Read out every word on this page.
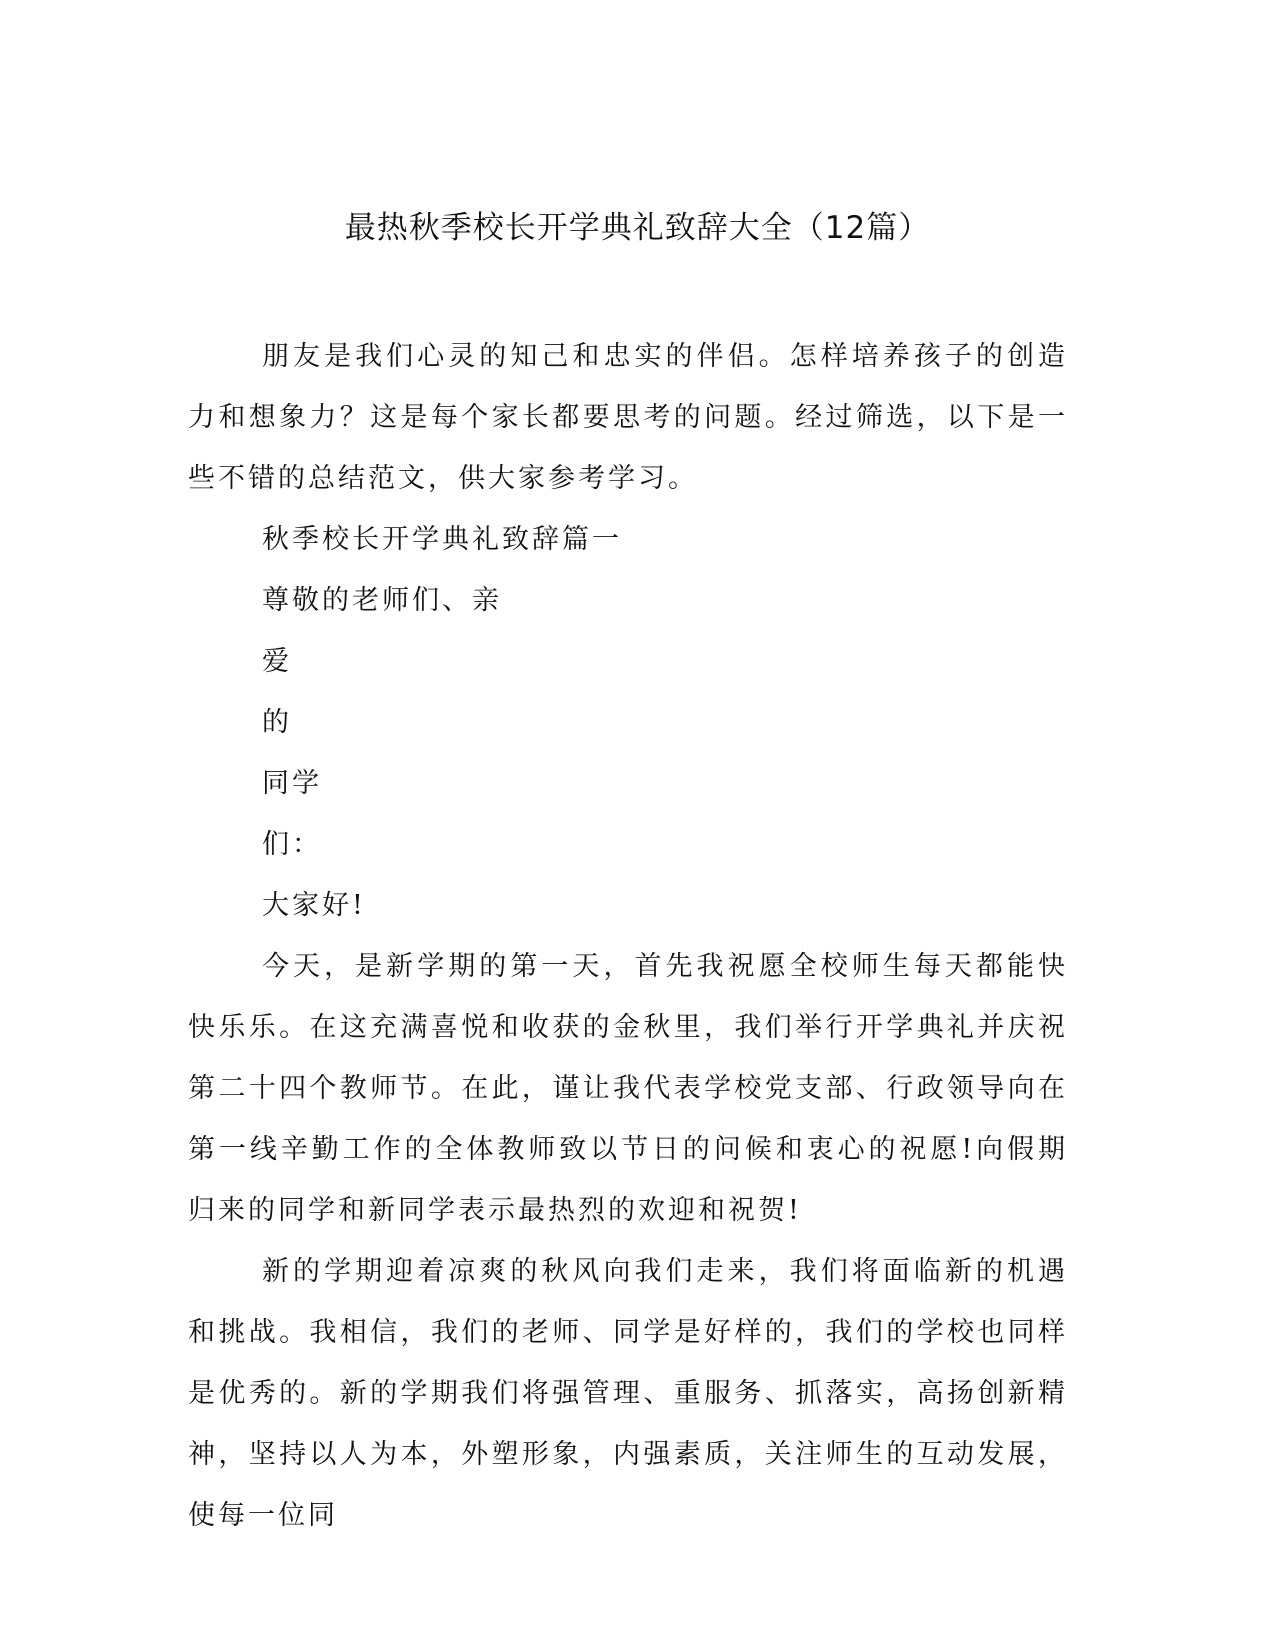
最热秋季校长开学典礼致辞大全（12篇）

朋友是我们心灵的知己和忠实的伴侣。怎样培养孩子的创造力和想象力？这是每个家长都要思考的问题。经过筛选，以下是一些不错的总结范文，供大家参考学习。

秋季校长开学典礼致辞篇一

尊敬的老师们、亲

爱

的

同学

们：

大家好!

今天，是新学期的第一天，首先我祝愿全校师生每天都能快快乐乐。在这充满喜悦和收获的金秋里，我们举行开学典礼并庆祝第二十四个教师节。在此，谨让我代表学校党支部、行政领导向在第一线辛勤工作的全体教师致以节日的问候和衷心的祝愿!向假期归来的同学和新同学表示最热烈的欢迎和祝贺!

新的学期迎着凉爽的秋风向我们走来，我们将面临新的机遇和挑战。我相信，我们的老师、同学是好样的，我们的学校也同样是优秀的。新的学期我们将强管理、重服务、抓落实，高扬创新精神，坚持以人为本，外塑形象，内强素质，关注师生的互动发展，使每一位同
